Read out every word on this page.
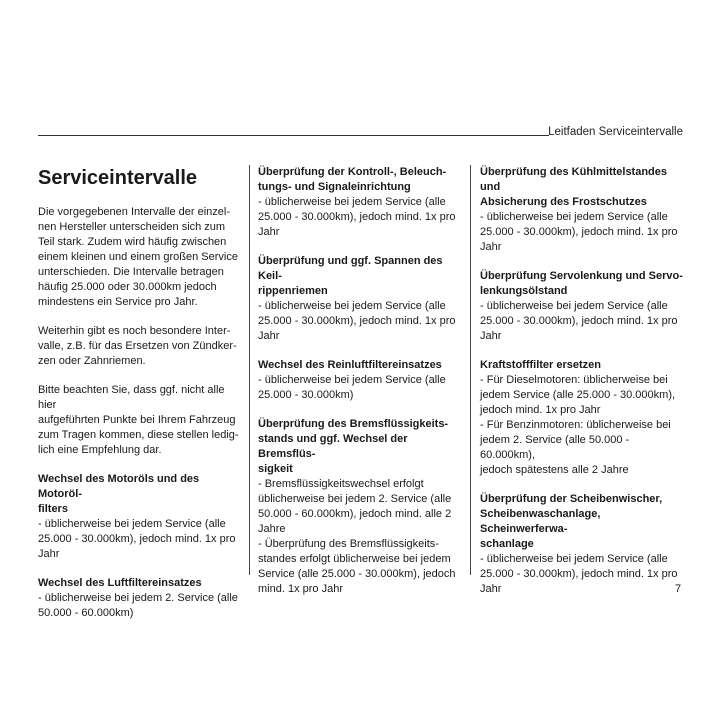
Leitfaden Serviceintervalle
Serviceintervalle
Die vorgegebenen Intervalle der einzel-
nen Hersteller unterscheiden sich zum
Teil stark. Zudem wird häufig zwischen
einem kleinen und einem großen Service
unterschieden. Die Intervalle betragen
häufig 25.000 oder 30.000km jedoch
mindestens ein Service pro Jahr.
Weiterhin gibt es noch besondere Inter-
valle, z.B. für das Ersetzen von Zündker-
zen oder Zahnriemen.
Bitte beachten Sie, dass ggf. nicht alle hier
aufgeführten Punkte bei Ihrem Fahrzeug
zum Tragen kommen, diese stellen ledig-
lich eine Empfehlung dar.
Wechsel des Motoröls und des Motoröl-
filters
- üblicherweise bei jedem Service (alle
25.000 - 30.000km), jedoch mind. 1x pro
Jahr
Wechsel des Luftfiltereinsatzes
- üblicherweise bei jedem 2. Service (alle
50.000 - 60.000km)
Überprüfung der Kontroll-, Beleuch-
tungs- und Signaleinrichtung
- üblicherweise bei jedem Service (alle
25.000 - 30.000km), jedoch mind. 1x pro
Jahr
Überprüfung und ggf. Spannen des Keil-
rippenriemen
- üblicherweise bei jedem Service (alle
25.000 - 30.000km), jedoch mind. 1x pro
Jahr
Wechsel des Reinluftfiltereinsatzes
- üblicherweise bei jedem Service (alle
25.000 - 30.000km)
Überprüfung des Bremsflüssigkeits-
stands und ggf. Wechsel der Bremsflüs-
sigkeit
- Bremsflüssigkeitswechsel erfolgt
üblicherweise bei jedem 2. Service (alle
50.000 - 60.000km), jedoch mind. alle 2
Jahre
- Überprüfung des Bremsflüssigkeits-
standes erfolgt üblicherweise bei jedem
Service (alle 25.000 - 30.000km), jedoch
mind. 1x pro Jahr
Überprüfung des Kühlmittelstandes und
Absicherung des Frostschutzes
- üblicherweise bei jedem Service (alle
25.000 - 30.000km), jedoch mind. 1x pro
Jahr
Überprüfung Servolenkung und Servo-
lenkungsölstand
- üblicherweise bei jedem Service (alle
25.000 - 30.000km), jedoch mind. 1x pro
Jahr
Kraftstofffilter ersetzen
- Für Dieselmotoren: üblicherweise bei
jedem Service (alle 25.000 - 30.000km),
jedoch mind. 1x pro Jahr
- Für Benzinmotoren: üblicherweise bei
jedem 2. Service (alle 50.000 - 60.000km),
jedoch spätestens alle 2 Jahre
Überprüfung der Scheibenwischer,
Scheibenwaschanlage, Scheinwerferwa-
schanlage
- üblicherweise bei jedem Service (alle
25.000 - 30.000km), jedoch mind. 1x pro
Jahr	7
